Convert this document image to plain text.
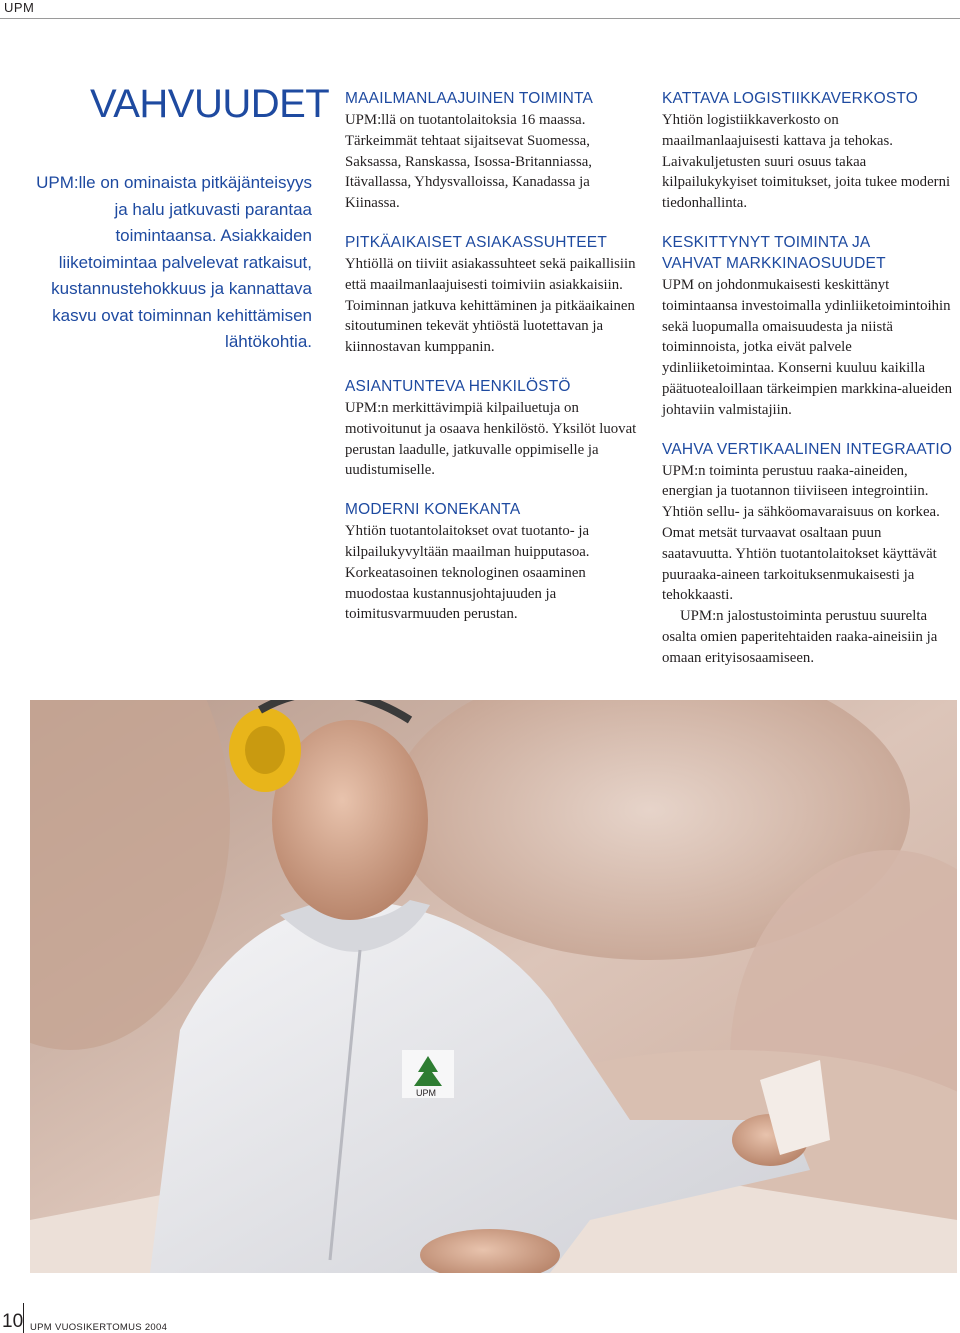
UPM
VAHVUUDET

UPM:lle on ominaista pitkäjänteisyys ja halu jatkuvasti parantaa toimintaansa. Asiakkaiden liiketoimintaa palvelevat ratkaisut, kustannustehokkuus ja kannattava kasvu ovat toiminnan kehittämisen lähtökohtia.

MAAILMANLAAJUINEN TOIMINTA

UPM:llä on tuotantolaitoksia 16 maassa. Tärkeimmät tehtaat sijaitsevat Suomessa, Saksassa, Ranskassa, Isossa-Britanniassa, Itävallassa, Yhdysvalloissa, Kanadassa ja Kiinassa.

PITKÄAIKAISET ASIAKASSUHTEET

Yhtiöllä on tiiviit asiakassuhteet sekä paikallisiin että maailmanlaajuisesti toimiviin asiakkaisiin. Toiminnan jatkuva kehittäminen ja pitkäaikainen sitoutuminen tekevät yhtiöstä luotettavan ja kiinnostavan kumppanin.

ASIANTUNTEVA HENKILÖSTÖ

UPM:n merkittävimpiä kilpailuetuja on motivoitunut ja osaava henkilöstö. Yksilöt luovat perustan laadulle, jatkuvalle oppimiselle ja uudistumiselle.

MODERNI KONEKANTA

Yhtiön tuotantolaitokset ovat tuotanto- ja kilpailukyvyltään maailman huipputasoa. Korkeatasoinen teknologinen osaaminen muodostaa kustannusjohtajuuden ja toimitusvarmuuden perustan.

KATTAVA LOGISTIIKKAVERKOSTO

Yhtiön logistiikkaverkosto on maailmanlaajuisesti kattava ja tehokas. Laivakuljetusten suuri osuus takaa kilpailukykyiset toimitukset, joita tukee moderni tiedonhallinta.

KESKITTYNYT TOIMINTA JA VAHVAT MARKKINAOSUUDET

UPM on johdonmukaisesti keskittänyt toimintaansa investoimalla ydinliiketoimintoihin sekä luopumalla omaisuudesta ja niistä toiminnoista, jotka eivät palvele ydinliiketoimintaa. Konserni kuuluu kaikilla päätuotealoillaan tärkeimpien markkina-alueiden johtaviin valmistajiin.

VAHVA VERTIKAALINEN INTEGRAATIO

UPM:n toiminta perustuu raaka-aineiden, energian ja tuotannon tiiviiseen integrointiin. Yhtiön sellu- ja sähköomavaraisuus on korkea. Omat metsät turvaavat osaltaan puun saatavuutta. Yhtiön tuotantolaitokset käyttävät puuraaka-aineen tarkoituksenmukaisesti ja tehokkaasti.

UPM:n jalostustoiminta perustuu suurelta osalta omien paperitehtaiden raaka-aineisiin ja omaan erityisosaamiseen.

UPM
10 UPM VUOSIKERTOMUS 2004
